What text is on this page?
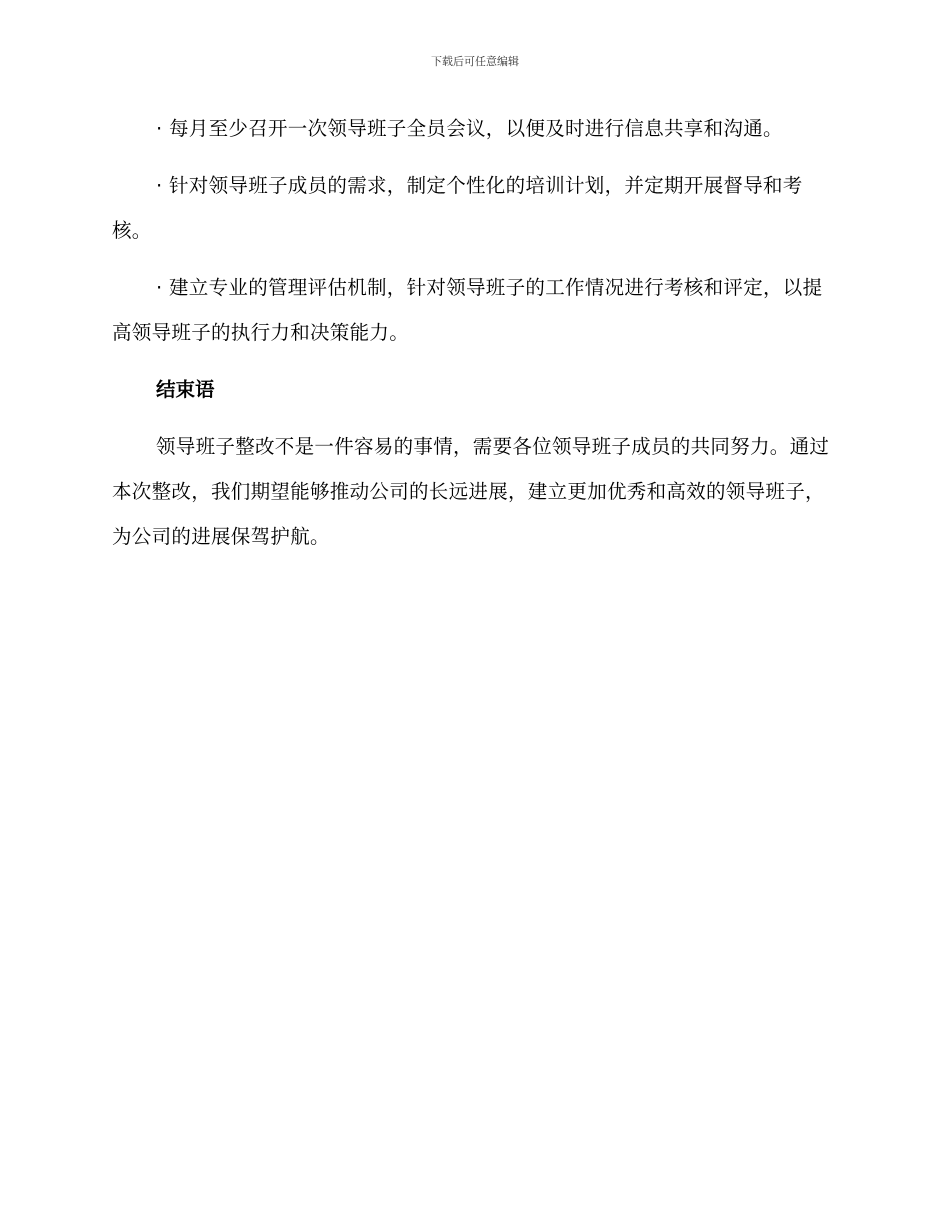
下载后可任意编辑

· 每月至少召开一次领导班子全员会议，以便及时进行信息共享和沟通。

· 针对领导班子成员的需求，制定个性化的培训计划，并定期开展督导和考核。

· 建立专业的管理评估机制，针对领导班子的工作情况进行考核和评定，以提高领导班子的执行力和决策能力。

结束语

领导班子整改不是一件容易的事情，需要各位领导班子成员的共同努力。通过本次整改，我们期望能够推动公司的长远进展，建立更加优秀和高效的领导班子，为公司的进展保驾护航。
